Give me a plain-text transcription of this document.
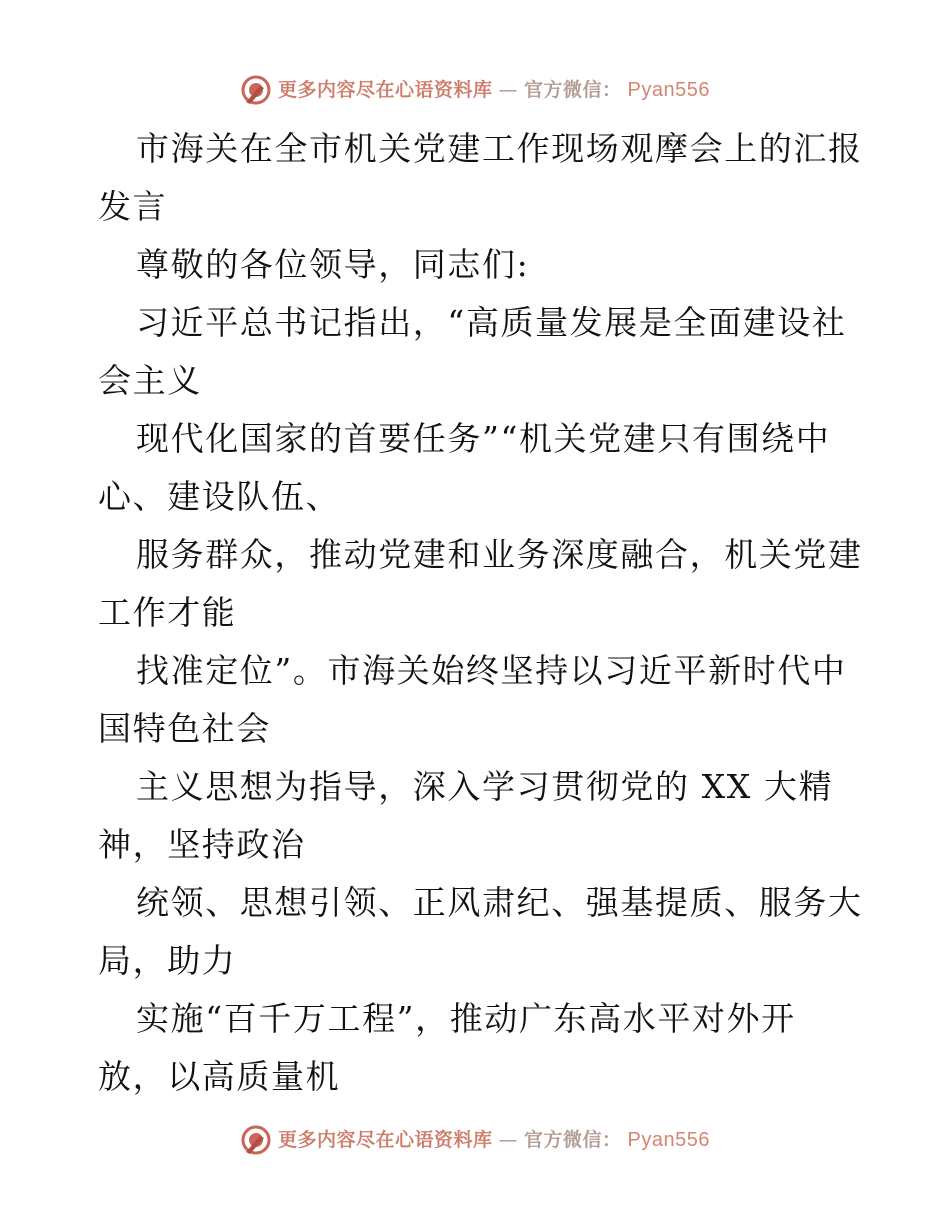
更多内容尽在心语资料库 — 官方微信： Pyan556
市海关在全市机关党建工作现场观摩会上的汇报
发言
尊敬的各位领导，同志们:
习近平总书记指出，“高质量发展是全面建设社
会主义
现代化国家的首要任务”“机关党建只有围绕中
心、建设队伍、
服务群众，推动党建和业务深度融合，机关党建
工作才能
找准定位”。市海关始终坚持以习近平新时代中
国特色社会
主义思想为指导，深入学习贯彻党的 XX 大精
神，坚持政治
统领、思想引领、正风肃纪、强基提质、服务大
局，助力
实施“百千万工程”，推动广东高水平对外开
放，以高质量机
更多内容尽在心语资料库 — 官方微信： Pyan556
